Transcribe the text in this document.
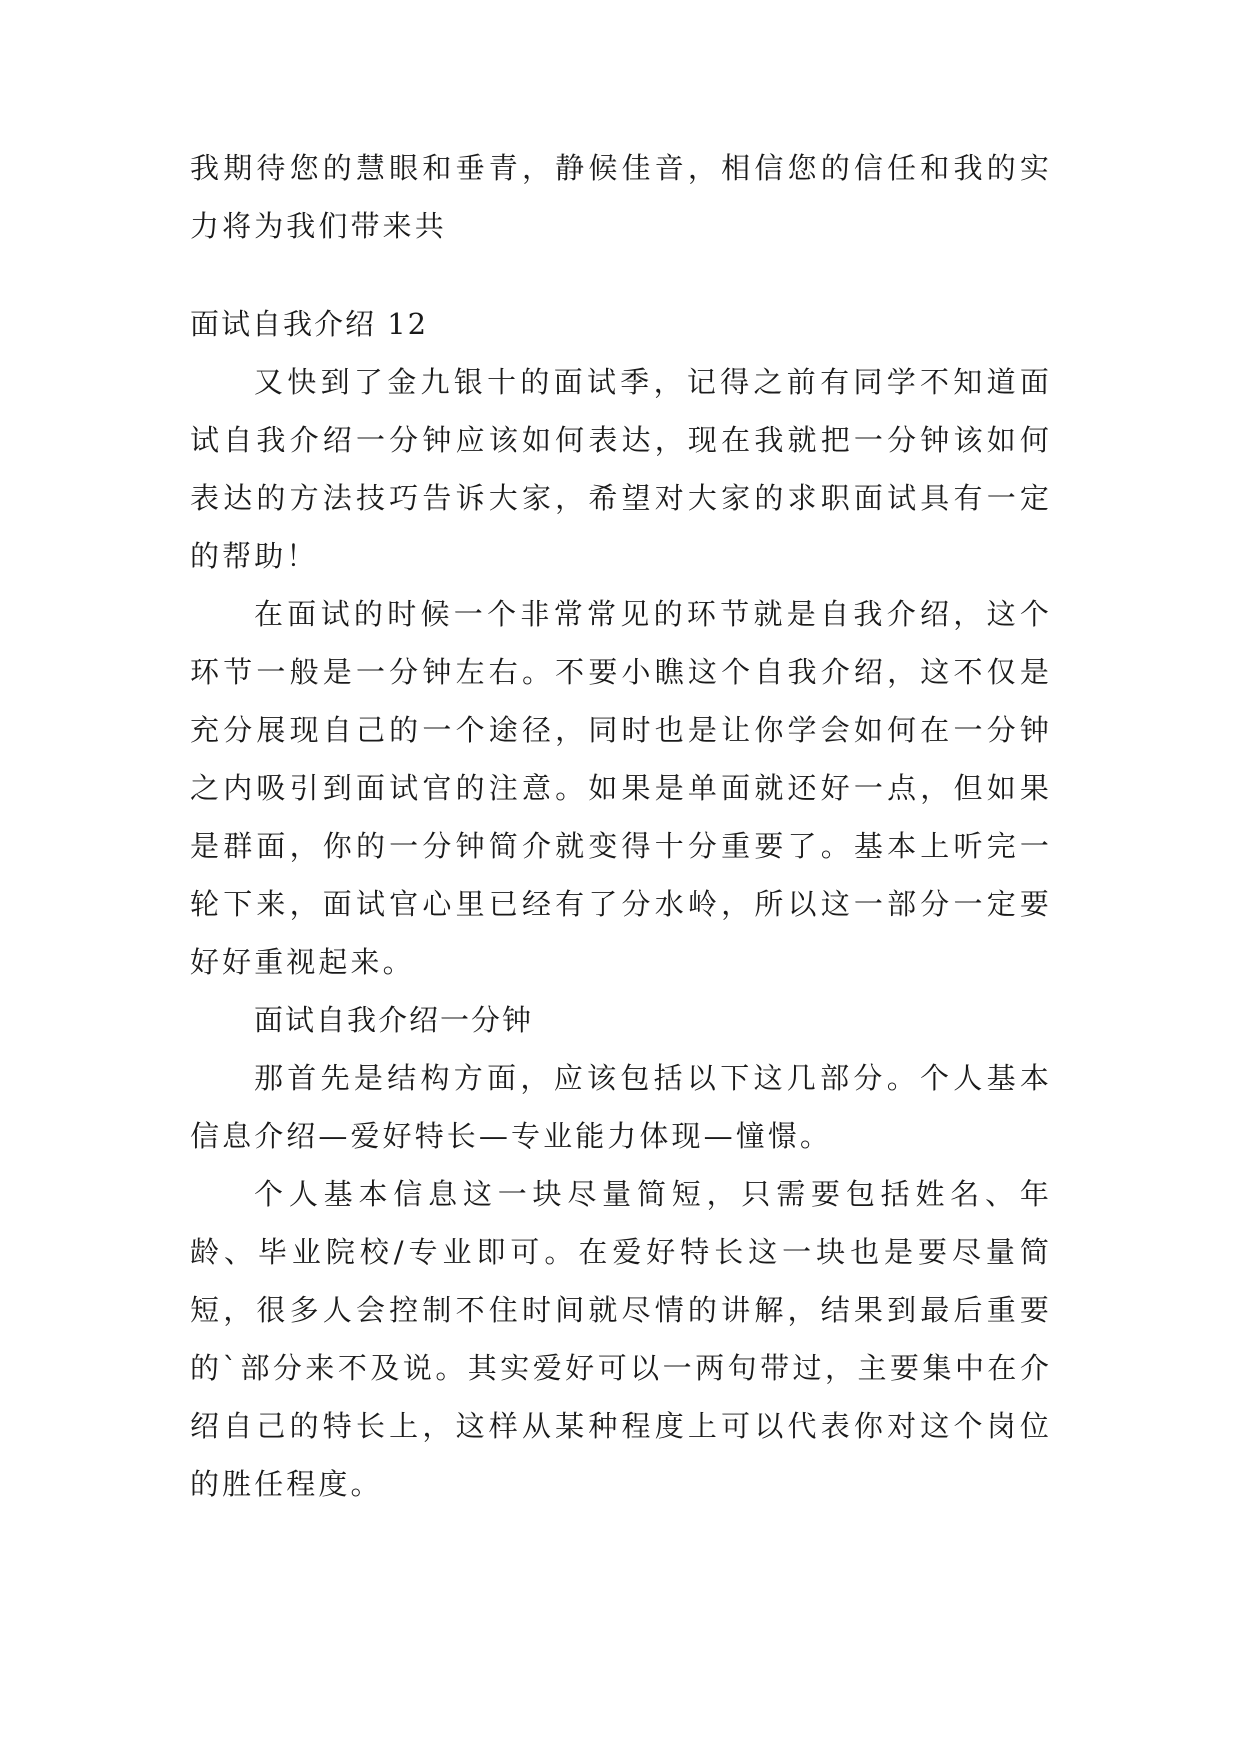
我期待您的慧眼和垂青，静候佳音，相信您的信任和我的实力将为我们带来共

面试自我介绍 12

又快到了金九银十的面试季，记得之前有同学不知道面试自我介绍一分钟应该如何表达，现在我就把一分钟该如何表达的方法技巧告诉大家，希望对大家的求职面试具有一定的帮助！

在面试的时候一个非常常见的环节就是自我介绍，这个环节一般是一分钟左右。不要小瞧这个自我介绍，这不仅是充分展现自己的一个途径，同时也是让你学会如何在一分钟之内吸引到面试官的注意。如果是单面就还好一点，但如果是群面，你的一分钟简介就变得十分重要了。基本上听完一轮下来，面试官心里已经有了分水岭，所以这一部分一定要好好重视起来。

面试自我介绍一分钟

那首先是结构方面，应该包括以下这几部分。个人基本信息介绍—爱好特长—专业能力体现—憧憬。

个人基本信息这一块尽量简短，只需要包括姓名、年龄、毕业院校/专业即可。在爱好特长这一块也是要尽量简短，很多人会控制不住时间就尽情的讲解，结果到最后重要的`部分来不及说。其实爱好可以一两句带过，主要集中在介绍自己的特长上，这样从某种程度上可以代表你对这个岗位的胜任程度。
